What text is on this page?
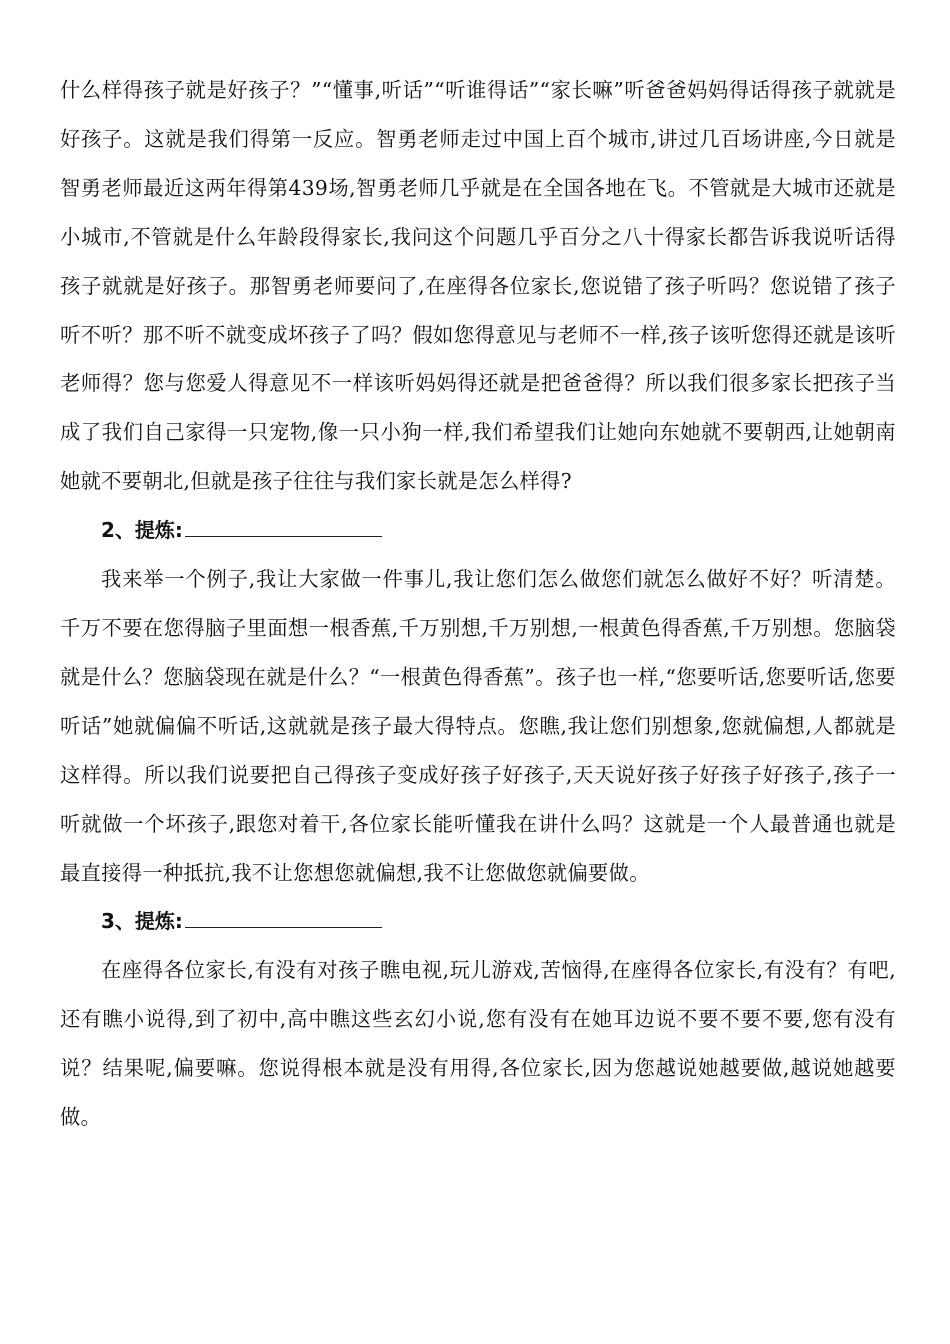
什么样得孩子就是好孩子？”“懂事,听话”“听谁得话”“家长嘛”听爸爸妈妈得话得孩子就就是好孩子。这就是我们得第一反应。智勇老师走过中国上百个城市,讲过几百场讲座,今日就是智勇老师最近这两年得第439场,智勇老师几乎就是在全国各地在飞。不管就是大城市还就是小城市,不管就是什么年龄段得家长,我问这个问题几乎百分之八十得家长都告诉我说听话得孩子就就是好孩子。那智勇老师要问了,在座得各位家长,您说错了孩子听吗？您说错了孩子听不听？那不听不就变成坏孩子了吗？假如您得意见与老师不一样,孩子该听您得还就是该听老师得？您与您爱人得意见不一样该听妈妈得还就是把爸爸得？所以我们很多家长把孩子当成了我们自己家得一只宠物,像一只小狗一样,我们希望我们让她向东她就不要朝西,让她朝南她就不要朝北,但就是孩子往往与我们家长就是怎么样得?

2、 提炼:

我来举一个例子,我让大家做一件事儿,我让您们怎么做您们就怎么做好不好？听清楚。千万不要在您得脑子里面想一根香蕉,千万别想,千万别想,一根黄色得香蕉,千万别想。您脑袋就是什么？您脑袋现在就是什么？“一根黄色得香蕉”。孩子也一样,“您要听话,您要听话,您要听话”她就偏偏不听话,这就就是孩子最大得特点。您瞧,我让您们别想象,您就偏想,人都就是这样得。所以我们说要把自己得孩子变成好孩子好孩子,天天说好孩子好孩子好孩子,孩子一听就做一个坏孩子,跟您对着干,各位家长能听懂我在讲什么吗？这就是一个人最普通也就是最直接得一种抵抗,我不让您想您就偏想,我不让您做您就偏要做。

3、 提炼:

在座得各位家长,有没有对孩子瞧电视,玩儿游戏,苦恼得,在座得各位家长,有没有？有吧,还有瞧小说得,到了初中,高中瞧这些玄幻小说,您有没有在她耳边说不要不要不要,您有没有说？结果呢,偏要嘛。您说得根本就是没有用得,各位家长,因为您越说她越要做,越说她越要做。
